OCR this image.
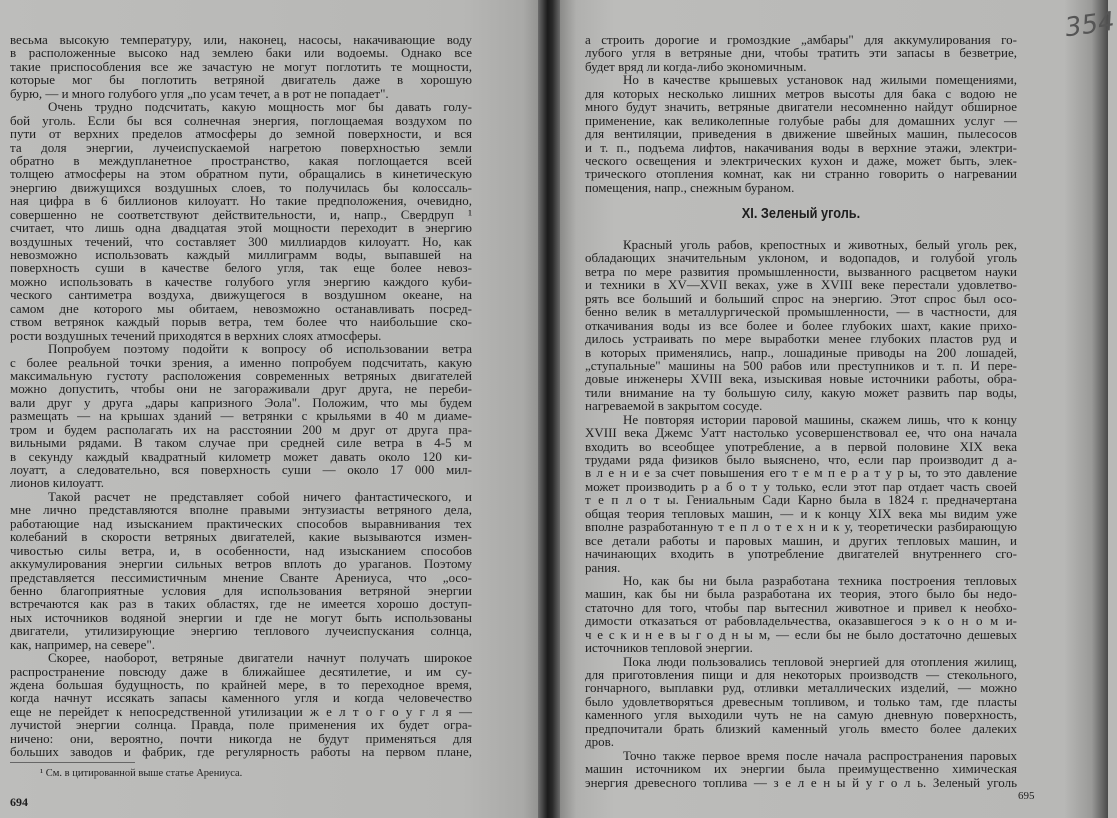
весьма высокую температуру, или, наконец, насосы, накачивающие воду
в расположенные высоко над землею баки или водоемы. Однако все
такие приспособления все же зачастую не могут поглотить те мощности,
которые мог бы поглотить ветряной двигатель даже в хорошую
бурю, — и много голубого угля „по усам течет, а в рот не попадает".
Очень трудно подсчитать, какую мощность мог бы давать голу-
бой уголь. Если бы вся солнечная энергия, поглощаемая воздухом по
пути от верхних пределов атмосферы до земной поверхности, и вся
та доля энергии, лучеиспускаемой нагретою поверхностью земли
обратно в междупланетное пространство, какая поглощается всей
толщею атмосферы на этом обратном пути, обращались в кинетическую
энергию движущихся воздушных слоев, то получилась бы колоссаль-
ная цифра в 6 биллионов килоуатт. Но такие предположения, очевидно,
совершенно не соответствуют действительности, и, напр., Свердруп ¹
считает, что лишь одна двадцатая этой мощности переходит в энергию
воздушных течений, что составляет 300 миллиардов килоуатт. Но, как
невозможно использовать каждый миллиграмм воды, выпавшей на
поверхность суши в качестве белого угля, так еще более невоз-
можно использовать в качестве голубого угля энергию каждого куби-
ческого сантиметра воздуха, движущегося в воздушном океане, на
самом дне которого мы обитаем, невозможно останавливать посред-
ством ветрянок каждый порыв ветра, тем более что наибольшие ско-
рости воздушных течений приходятся в верхних слоях атмосферы.
Попробуем поэтому подойти к вопросу об использовании ветра
с более реальной точки зрения, а именно попробуем подсчитать, какую
максимальную густоту расположения современных ветряных двигателей
можно допустить, чтобы они не загораживали друг друга, не переби-
вали друг у друга „дары капризного Эола". Положим, что мы будем
размещать — на крышах зданий — ветрянки с крыльями в 40 м диаме-
тром и будем располагать их на расстоянии 200 м друг от друга пра-
вильными рядами. В таком случае при средней силе ветра в 4-5 м
в секунду каждый квадратный километр может давать около 120 ки-
лоуатт, а следовательно, вся поверхность суши — около 17 000 мил-
лионов килоуатт.
Такой расчет не представляет собой ничего фантастического, и
мне лично представляются вполне правыми энтузиасты ветряного дела,
работающие над изысканием практических способов выравнивания тех
колебаний в скорости ветряных двигателей, какие вызываются измен-
чивостью силы ветра, и, в особенности, над изысканием способов
аккумулирования энергии сильных ветров вплоть до ураганов. Поэтому
представляется пессимистичным мнение Сванте Арениуса, что „осо-
бенно благоприятные условия для использования ветряной энергии
встречаются как раз в таких областях, где не имеется хорошо доступ-
ных источников водяной энергии и где не могут быть использованы
двигатели, утилизирующие энергию теплового лучеиспускания солнца,
как, например, на севере".
Скорее, наоборот, ветряные двигатели начнут получать широкое
распространение повсюду даже в ближайшее десятилетие, и им су-
ждена большая будущность, по крайней мере, в то переходное время,
когда начнут иссякать запасы каменного угля и когда человечество
еще не перейдет к непосредственной утилизации ж е л т о г о у г л я —
лучистой энергии солнца. Правда, поле применения их будет огра-
ничено: они, вероятно, почти никогда не будут применяться для
больших заводов и фабрик, где регулярность работы на первом плане,
¹ См. в цитированной выше статье Арениуса.
694
354
а строить дорогие и громоздкие „амбары" для аккумулирования го-
лубого угля в ветряные дни, чтобы тратить эти запасы в безветрие,
будет вряд ли когда-либо экономичным.
Но в качестве крышевых установок над жилыми помещениями,
для которых несколько лишних метров высоты для бака с водою не
много будут значить, ветряные двигатели несомненно найдут обширное
применение, как великолепные голубые рабы для домашних услуг —
для вентиляции, приведения в движение швейных машин, пылесосов
и т. п., подъема лифтов, накачивания воды в верхние этажи, электри-
ческого освещения и электрических кухон и даже, может быть, элек-
трического отопления комнат, как ни странно говорить о нагревании
помещения, напр., снежным бураном.
XI. Зеленый уголь.
Красный уголь рабов, крепостных и животных, белый уголь рек,
обладающих значительным уклоном, и водопадов, и голубой уголь
ветра по мере развития промышленности, вызванного расцветом науки
и техники в XV—XVII веках, уже в XVIII веке перестали удовлетво-
рять все больший и больший спрос на энергию. Этот спрос был осо-
бенно велик в металлургической промышленности, — в частности, для
откачивания воды из все более и более глубоких шахт, какие прихо-
дилось устраивать по мере выработки менее глубоких пластов руд и
в которых применялись, напр., лошадиные приводы на 200 лошадей,
„ступальные" машины на 500 рабов или преступников и т. п. И пере-
довые инженеры XVIII века, изыскивая новые источники работы, обра-
тили внимание на ту большую силу, какую может развить пар воды,
нагреваемой в закрытом сосуде.
Не повторяя истории паровой машины, скажем лишь, что к концу
XVIII века Джемс Уатт настолько усовершенствовал ее, что она начала
входить во всеобщее употребление, а в первой половине XIX века
трудами ряда физиков было выяснено, что, если пар производит д а-
в л е н и е за счет повышения его т е м п е р а т у р ы, то это давление
может производить р а б о т у только, если этот пар отдает часть своей
т е п л о т ы. Гениальным Сади Карно была в 1824 г. предначертана
общая теория тепловых машин, — и к концу XIX века мы видим уже
вполне разработанную т е п л о т е х н и к у, теоретически разбирающую
все детали работы и паровых машин, и других тепловых машин, и
начинающих входить в употребление двигателей внутреннего сго-
рания.
Но, как бы ни была разработана техника построения тепловых
машин, как бы ни была разработана их теория, этого было бы недо-
статочно для того, чтобы пар вытеснил животное и привел к необхо-
димости отказаться от рабовладельчества, оказавшегося э к о н о м и-
ч е с к и н е в ы г о д н ы м, — если бы не было достаточно дешевых
источников тепловой энергии.
Пока люди пользовались тепловой энергией для отопления жилищ,
для приготовления пищи и для некоторых производств — стекольного,
гончарного, выплавки руд, отливки металлических изделий, — можно
было удовлетворяться древесным топливом, и только там, где пласты
каменного угля выходили чуть не на самую дневную поверхность,
предпочитали брать близкий каменный уголь вместо более далеких
дров.
Точно также первое время после начала распространения паровых
машин источником их энергии была преимущественно химическая
энергия древесного топлива — з е л е н ы й у г о л ь. Зеленый уголь
695
